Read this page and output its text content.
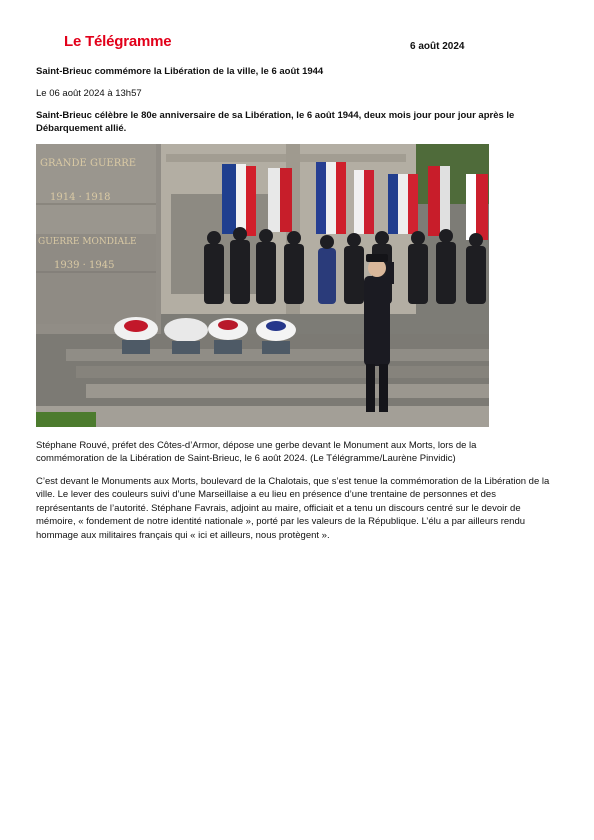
Le Télégramme	6 août 2024

Saint-Brieuc commémore la Libération de la ville, le 6 août 1944

Le 06 août 2024 à 13h57

Saint-Brieuc célèbre le 80e anniversaire de sa Libération, le 6 août 1944, deux mois jour pour jour après le Débarquement allié.

GRANDE GUERRE
1914 · 1918
GUERRE MONDIALE
1939 · 1945

Stéphane Rouvé, préfet des Côtes-d’Armor, dépose une gerbe devant le Monument aux Morts, lors de la commémoration de la Libération de Saint-Brieuc, le 6 août 2024. (Le Télégramme/Laurène Pinvidic)

C’est devant le Monuments aux Morts, boulevard de la Chalotais, que s’est tenue la commémoration de la Libération de la ville. Le lever des couleurs suivi d’une Marseillaise a eu lieu en présence d’une trentaine de personnes et des représentants de l’autorité. Stéphane Favrais, adjoint au maire, officiait et a tenu un discours centré sur le devoir de mémoire, « fondement de notre identité nationale », porté par les valeurs de la République. L’élu a par ailleurs rendu hommage aux militaires français qui « ici et ailleurs, nous protègent ».
